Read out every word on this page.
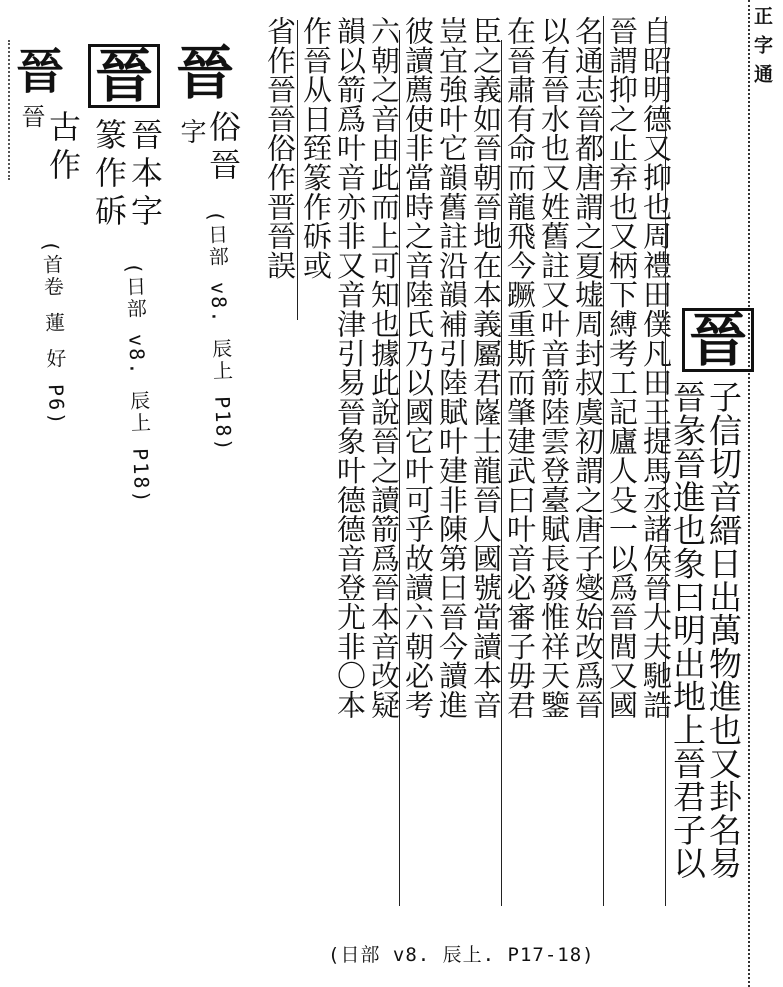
正字通
晉
子信切音縉日出萬物進也又卦名易
晉彖晉進也象曰明出地上晉君子以
自昭明德又抑也周禮田僕凡田王提馬丞諸侯晉大夫馳誥
晉謂抑之止弃也又柄下縛考工記廬人殳一以爲晉閭又國
名通志晉都唐謂之夏墟周封叔虞初謂之唐子燮始改爲晉
以有晉水也又姓舊註又叶音箭陸雲登臺賦長發惟祥天鑒
在晉肅有命而龍飛今蹶重斯而肇建武曰叶音必審子毋君
臣之義如晉朝晉地在本義屬君嶐士龍晉人國號當讀本音
豈宜強叶它韻舊註沿韻補引陸賦叶建非陳第曰晉今讀進
彼讀薦使非當時之音陸氏乃以國它叶可乎故讀六朝必考
六朝之音由此而上可知也據此說晉之讀箭爲晉本音改疑
韻以箭爲叶音亦非又音津引易晉象叶德德音登尤非〇本
作晉从日臸篆作䂨或
省作晉晉俗作晋晉誤
晉
俗晉
字
(日部 v8. 辰上 P18)
晉
晉本字
篆作䂨
(日部 v8. 辰上 P18)
晉
古作
晉
(首卷 蓮 好 P6)
(日部 v8. 辰上. P17-18)
